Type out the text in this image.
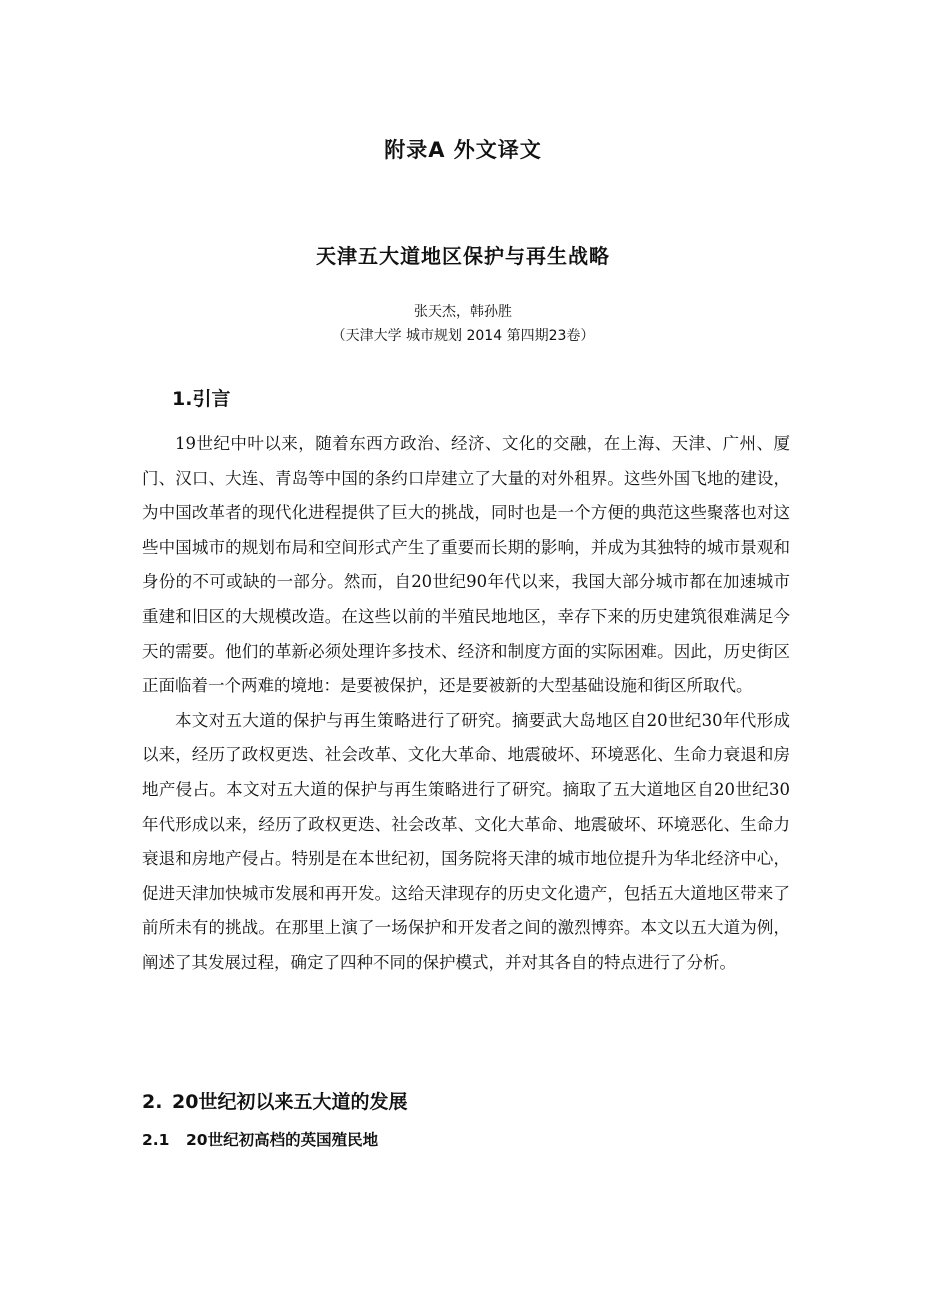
附录A 外文译文
天津五大道地区保护与再生战略
张天杰，韩孙胜
（天津大学 城市规划 2014 第四期23卷）
1.引言

19世纪中叶以来，随着东西方政治、经济、文化的交融，在上海、天津、广州、厦门、汉口、大连、青岛等中国的条约口岸建立了大量的对外租界。这些外国飞地的建设，为中国改革者的现代化进程提供了巨大的挑战，同时也是一个方便的典范这些聚落也对这些中国城市的规划布局和空间形式产生了重要而长期的影响，并成为其独特的城市景观和身份的不可或缺的一部分。然而，自20世纪90年代以来，我国大部分城市都在加速城市重建和旧区的大规模改造。在这些以前的半殖民地地区，幸存下来的历史建筑很难满足今天的需要。他们的革新必须处理许多技术、经济和制度方面的实际困难。因此，历史街区正面临着一个两难的境地：是要被保护，还是要被新的大型基础设施和街区所取代。

本文对五大道的保护与再生策略进行了研究。摘要武大岛地区自20世纪30年代形成以来，经历了政权更迭、社会改革、文化大革命、地震破坏、环境恶化、生命力衰退和房地产侵占。本文对五大道的保护与再生策略进行了研究。摘取了五大道地区自20世纪30年代形成以来，经历了政权更迭、社会改革、文化大革命、地震破坏、环境恶化、生命力衰退和房地产侵占。特别是在本世纪初，国务院将天津的城市地位提升为华北经济中心，促进天津加快城市发展和再开发。这给天津现存的历史文化遗产，包括五大道地区带来了前所未有的挑战。在那里上演了一场保护和开发者之间的激烈博弈。本文以五大道为例，阐述了其发展过程，确定了四种不同的保护模式，并对其各自的特点进行了分析。

2. 20世纪初以来五大道的发展
2.1 20世纪初高档的英国殖民地
